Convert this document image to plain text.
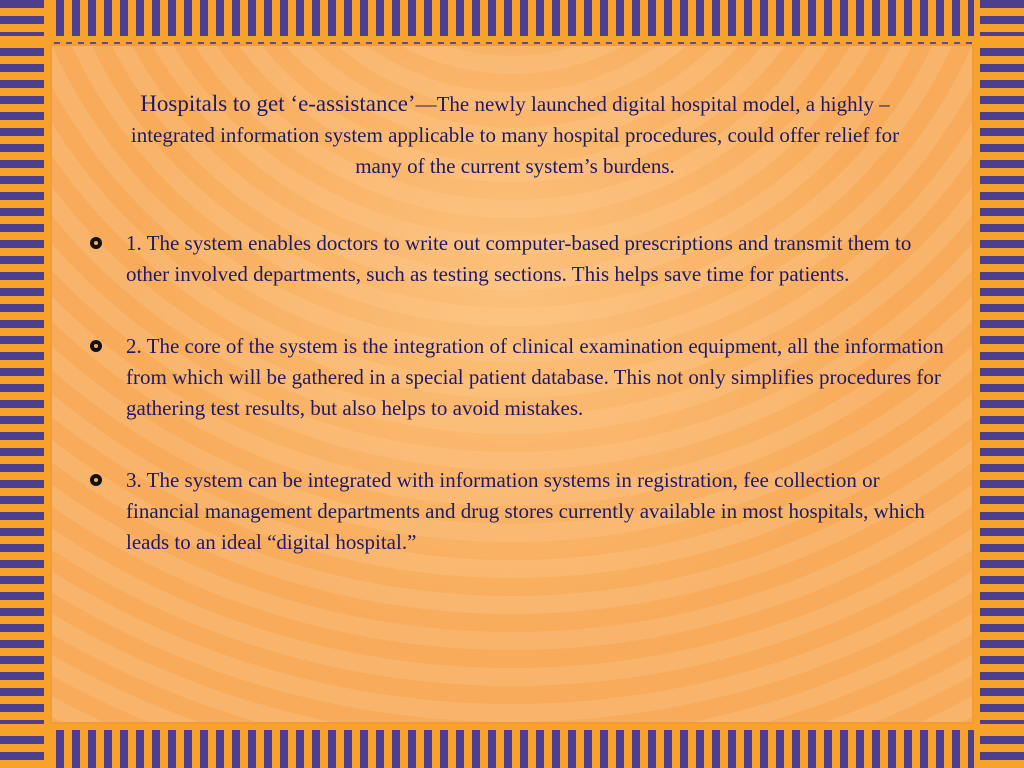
Hospitals to get ‘e-assistance’—The newly launched digital hospital model, a highly –integrated information system applicable to many hospital procedures, could offer relief for many of the current system’s burdens.
1. The system enables doctors to write out computer-based prescriptions and transmit them to other involved departments, such as testing sections. This helps save time for patients.
2. The core of the system is the integration of clinical examination equipment, all the information from which will be gathered in a special patient database. This not only simplifies procedures for gathering test results, but also helps to avoid mistakes.
3. The system can be integrated with information systems in registration, fee collection or financial management departments and drug stores currently available in most hospitals, which leads to an ideal “digital hospital.”
